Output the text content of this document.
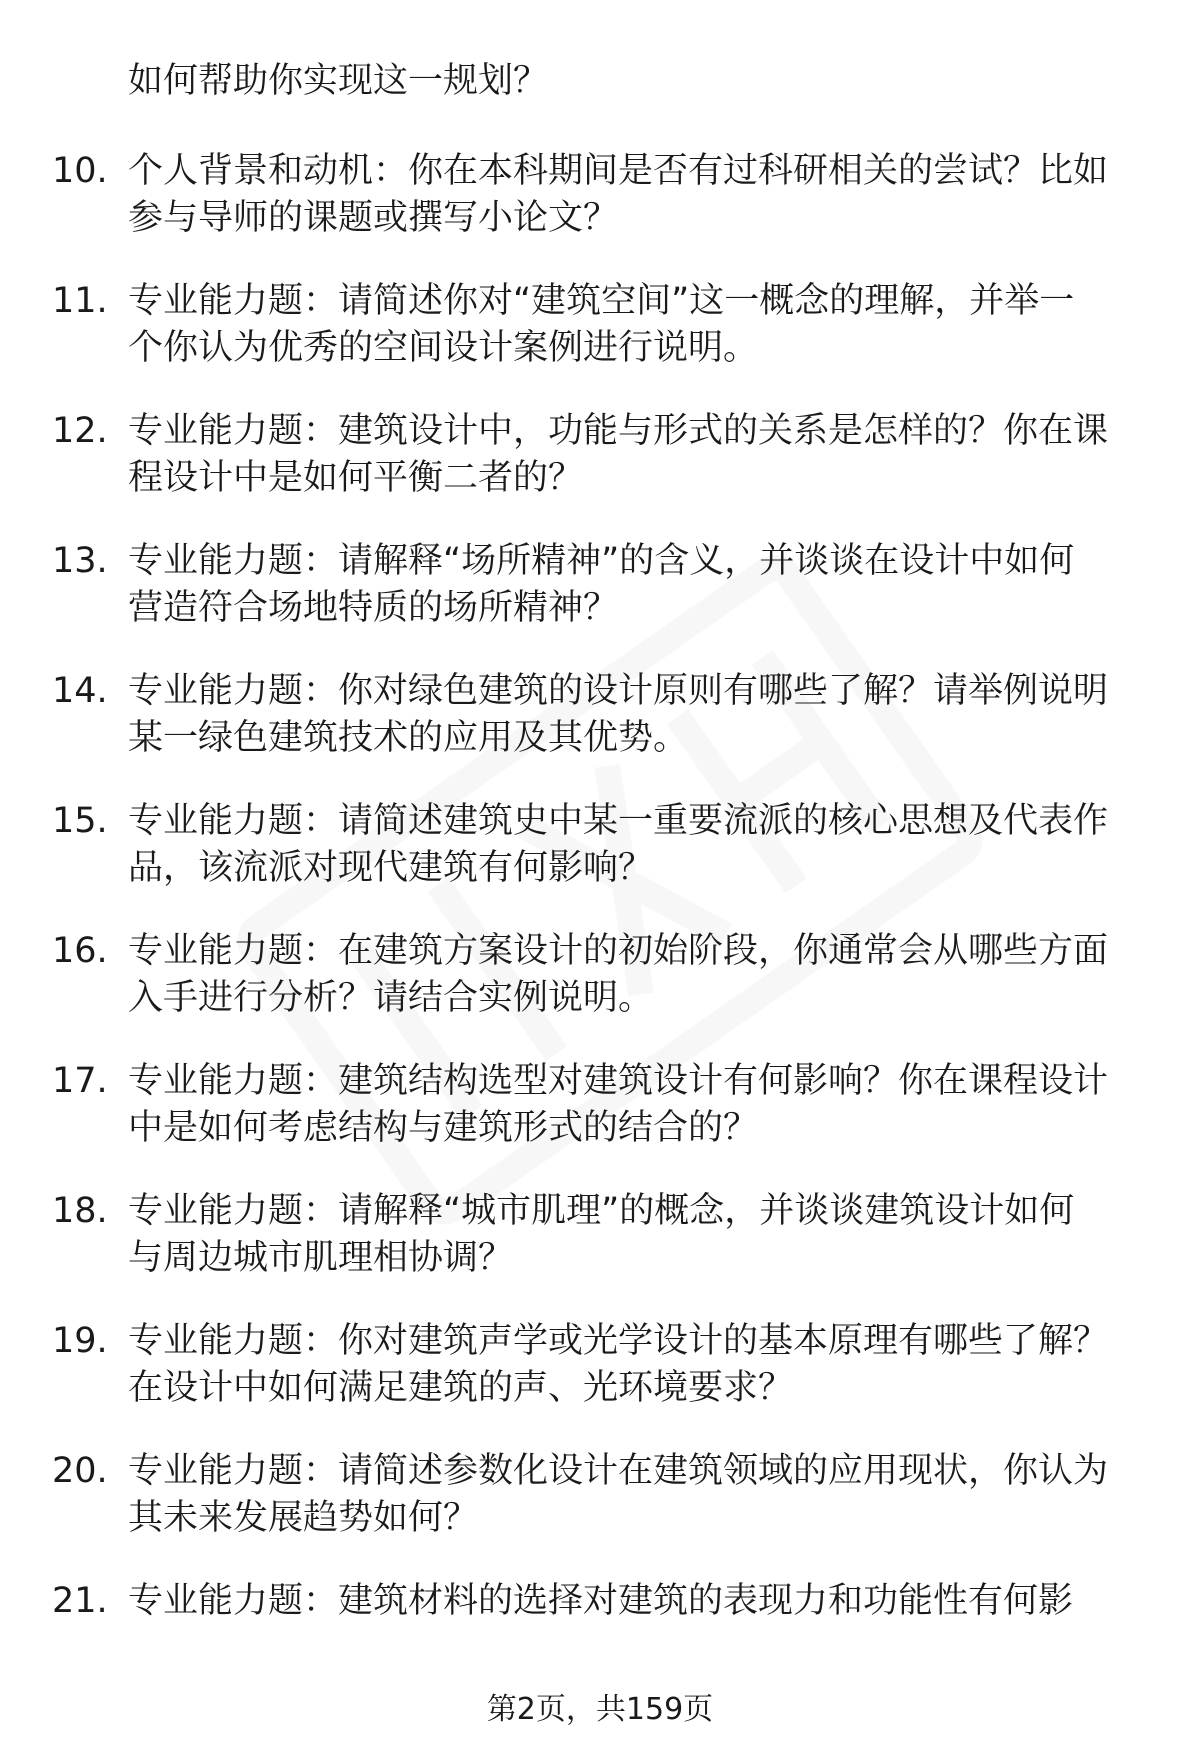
如何帮助你实现这一规划？
10. 个人背景和动机：你在本科期间是否有过科研相关的尝试？比如
参与导师的课题或撰写小论文？
11. 专业能力题：请简述你对“建筑空间”这一概念的理解，并举一
个你认为优秀的空间设计案例进行说明。
12. 专业能力题：建筑设计中，功能与形式的关系是怎样的？你在课
程设计中是如何平衡二者的？
13. 专业能力题：请解释“场所精神”的含义，并谈谈在设计中如何
营造符合场地特质的场所精神？
14. 专业能力题：你对绿色建筑的设计原则有哪些了解？请举例说明
某一绿色建筑技术的应用及其优势。
15. 专业能力题：请简述建筑史中某一重要流派的核心思想及代表作
品，该流派对现代建筑有何影响？
16. 专业能力题：在建筑方案设计的初始阶段，你通常会从哪些方面
入手进行分析？请结合实例说明。
17. 专业能力题：建筑结构选型对建筑设计有何影响？你在课程设计
中是如何考虑结构与建筑形式的结合的？
18. 专业能力题：请解释“城市肌理”的概念，并谈谈建筑设计如何
与周边城市肌理相协调？
19. 专业能力题：你对建筑声学或光学设计的基本原理有哪些了解？
在设计中如何满足建筑的声、光环境要求？
20. 专业能力题：请简述参数化设计在建筑领域的应用现状，你认为
其未来发展趋势如何？
21. 专业能力题：建筑材料的选择对建筑的表现力和功能性有何影
第2页，共159页
